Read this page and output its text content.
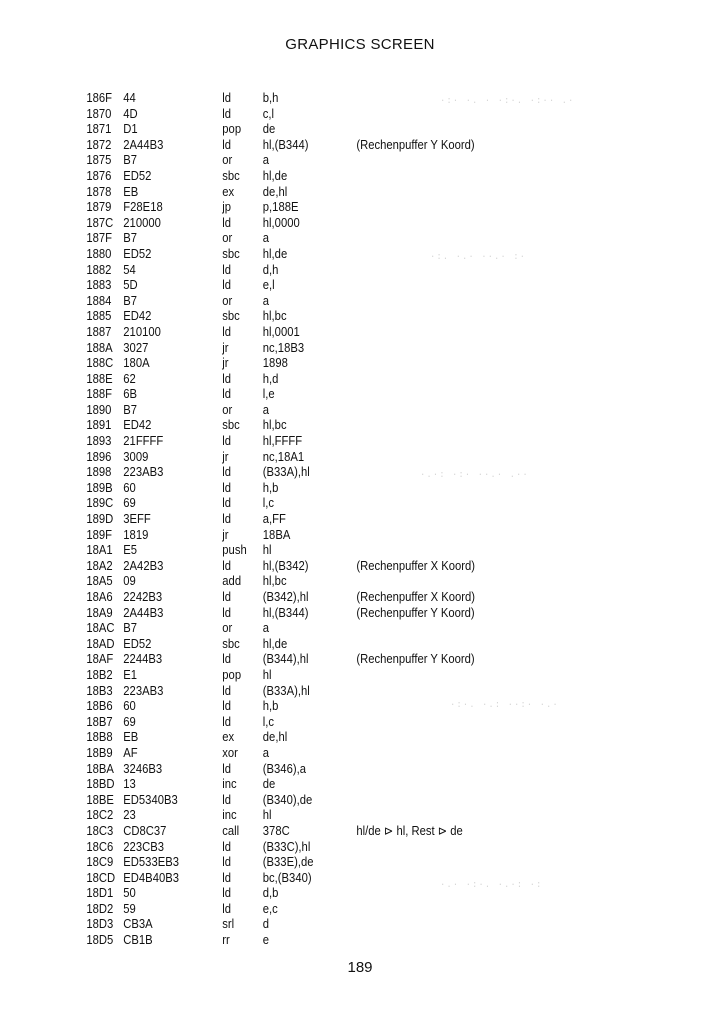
GRAPHICS SCREEN
186F 44	ld	b,h
1870 4D	ld	c,l
1871 D1	pop de
1872 2A44B3	ld	hl,(B344)	(Rechenpuffer Y Koord)
1875 B7	or a
1876 ED52	sbc hl,de
1878 EB	ex de,hl
1879 F28E18	jp	p,188E
187C 210000	ld	hl,0000
187F B7	or a
1880 ED52	sbc hl,de
1882 54	ld	d,h
1883 5D	ld	e,l
1884 B7	or a
1885 ED42	sbc hl,bc
1887 210100	ld	hl,0001
188A 3027	jr	nc,18B3
188C 180A	jr	1898
188E 62	ld	h,d
188F 6B	ld	l,e
1890 B7	or a
1891 ED42	sbc hl,bc
1893 21FFFF	ld	hl,FFFF
1896 3009	jr	nc,18A1
1898 223AB3	ld	(B33A),hl
189B 60	ld	h,b
189C 69	ld	l,c
189D 3EFF	ld	a,FF
189F 1819	jr	18BA
18A1 E5	push hl
18A2 2A42B3	ld	hl,(B342)	(Rechenpuffer X Koord)
18A5 09	add hl,bc
18A6 2242B3	ld	(B342),hl	(Rechenpuffer X Koord)
18A9 2A44B3	ld	hl,(B344)	(Rechenpuffer Y Koord)
18AC B7	or a
18AD ED52	sbc hl,de
18AF 2244B3	ld	(B344),hl	(Rechenpuffer Y Koord)
18B2 E1	pop hl
18B3 223AB3	ld	(B33A),hl
18B6 60	ld	h,b
18B7 69	ld	l,c
18B8 EB	ex de,hl
18B9 AF	xor a
18BA 3246B3	ld	(B346),a
18BD 13	inc de
18BE ED5340B3	ld	(B340),de
18C2 23	inc hl
18C3 CD8C37	call 378C	hl/de ⊳ hl, Rest ⊳ de
18C6 223CB3	ld	(B33C),hl
18C9 ED533EB3	ld	(B33E),de
18CD ED4B40B3	ld	bc,(B340)
18D1 50	ld	d,b
18D2 59	ld	e,c
18D3 CB3A	srl d
18D5 CB1B	rr	e
189
·:· ·. · ·:·. ·:·· .·
·:. ·.· ··.· :·
·.·: ·:· ··.· .··
·:·. ·.: ··:· ·.·
·.· ·:·. ·.·: ·:
